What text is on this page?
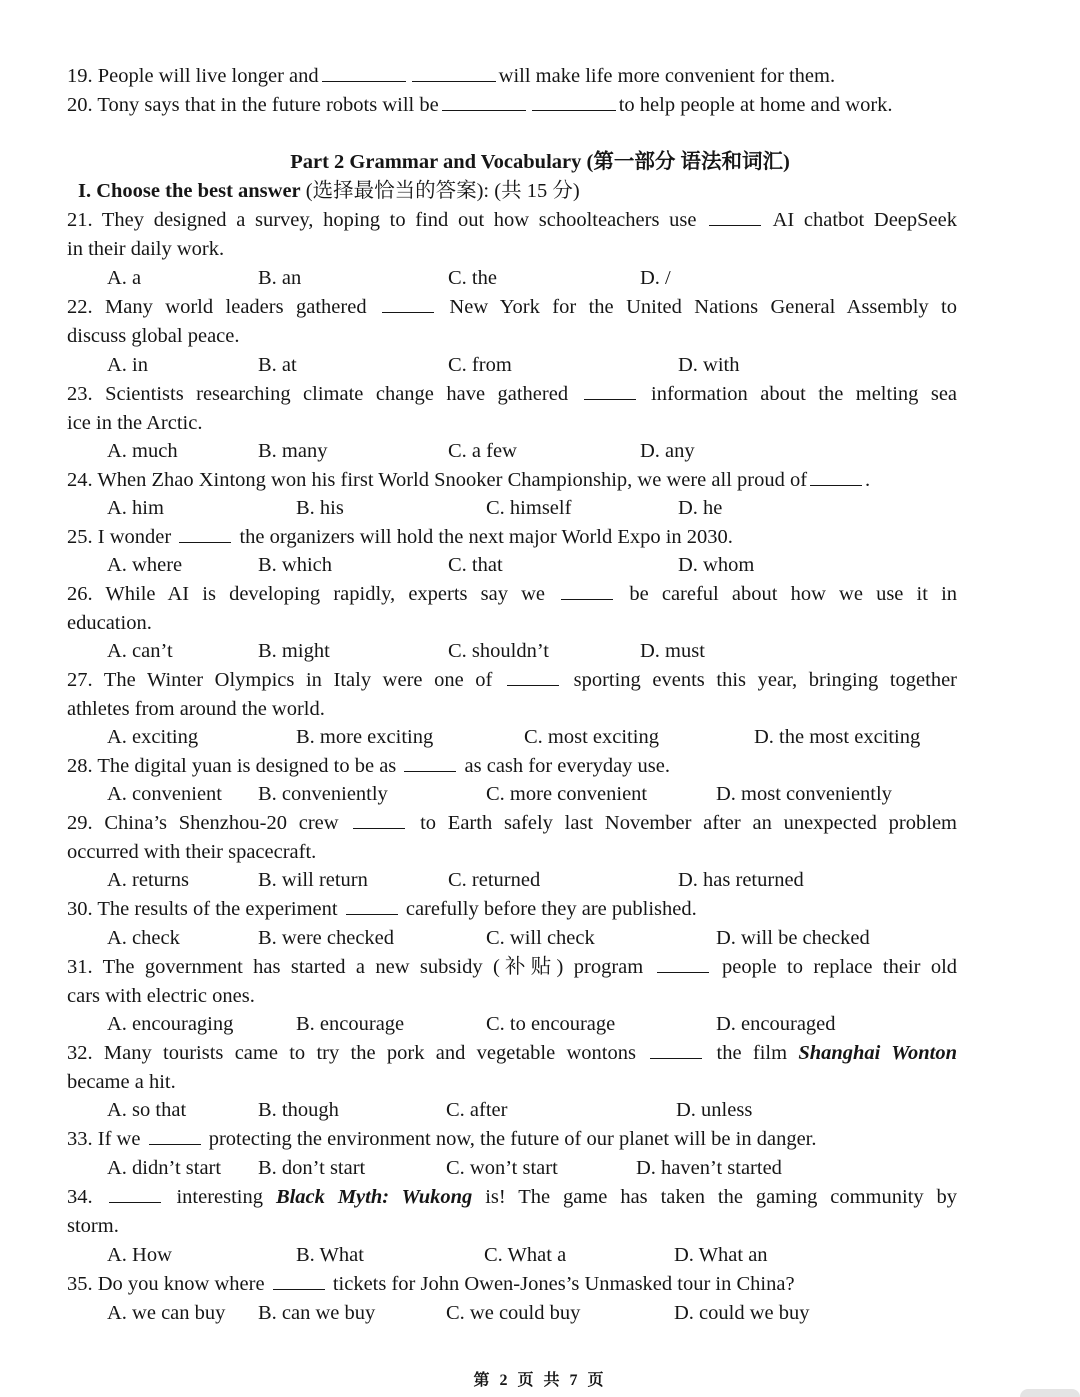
19. People will live longer and	will make life more convenient for them.
20. Tony says that in the future robots will be	to help people at home and work.
Part 2 Grammar and Vocabulary (第一部分 语法和词汇)
I. Choose the best answer (选择最恰当的答案): (共 15 分)
21. They designed a survey, hoping to find out how schoolteachers use	AI chatbot DeepSeek
in their daily work.
A. a	B. an	C. the	D. /
22. Many world leaders gathered	New York for the United Nations General Assembly to
discuss global peace.
A. in	B. at	C. from	D. with
23. Scientists researching climate change have gathered	information about the melting sea
ice in the Arctic.
A. much	B. many	C. a few	D. any
24. When Zhao Xintong won his first World Snooker Championship, we were all proud of	.
A. him	B. his	C. himself	D. he
25. I wonder	the organizers will hold the next major World Expo in 2030.
A. where	B. which	C. that	D. whom
26. While AI is developing rapidly, experts say we	be careful about how we use it in
education.
A. can’t	B. might	C. shouldn’t	D. must
27. The Winter Olympics in Italy were one of	sporting events this year, bringing together
athletes from around the world.
A. exciting	B. more exciting	C. most exciting	D. the most exciting
28. The digital yuan is designed to be as	as cash for everyday use.
A. convenient B. conveniently	C. more convenient	D. most conveniently
29. China’s Shenzhou-20 crew	to Earth safely last November after an unexpected problem
occurred with their spacecraft.
A. returns	B. will return	C. returned	D. has returned
30. The results of the experiment	carefully before they are published.
A. check	B. were checked	C. will check	D. will be checked
31. The government has started a new subsidy (补贴) program	people to replace their old
cars with electric ones.
A. encouraging	B. encourage	C. to encourage	D. encouraged
32. Many tourists came to try the pork and vegetable wontons	the film Shanghai Wonton
became a hit.
A. so that	B. though	C. after	D. unless
33. If we	protecting the environment now, the future of our planet will be in danger.
A. didn’t start B. don’t start	C. won’t start	D. haven’t started
34.	interesting Black Myth: Wukong is! The game has taken the gaming community by
storm.
A. How	B. What	C. What a	D. What an
35. Do you know where	tickets for John Owen-Jones’s Unmasked tour in China?
A. we can buy B. can we buy	C. we could buy	D. could we buy
第 2 页 共 7 页
